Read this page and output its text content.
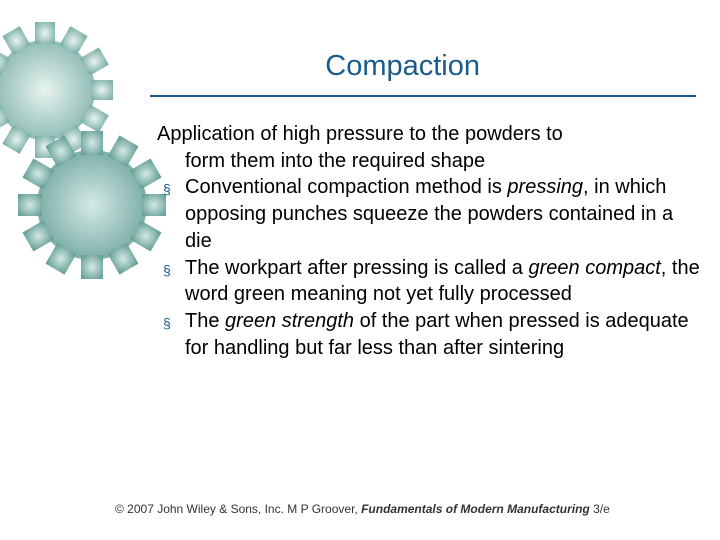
Compaction

Application of high pressure to the powders to
form them into the required shape

§ Conventional compaction method is pressing, in which opposing punches squeeze the powders contained in a die
§ The workpart after pressing is called a green compact, the word green meaning not yet fully processed
§ The green strength of the part when pressed is adequate for handling but far less than after sintering
© 2007 John Wiley & Sons, Inc. M P Groover, Fundamentals of Modern Manufacturing 3/e
